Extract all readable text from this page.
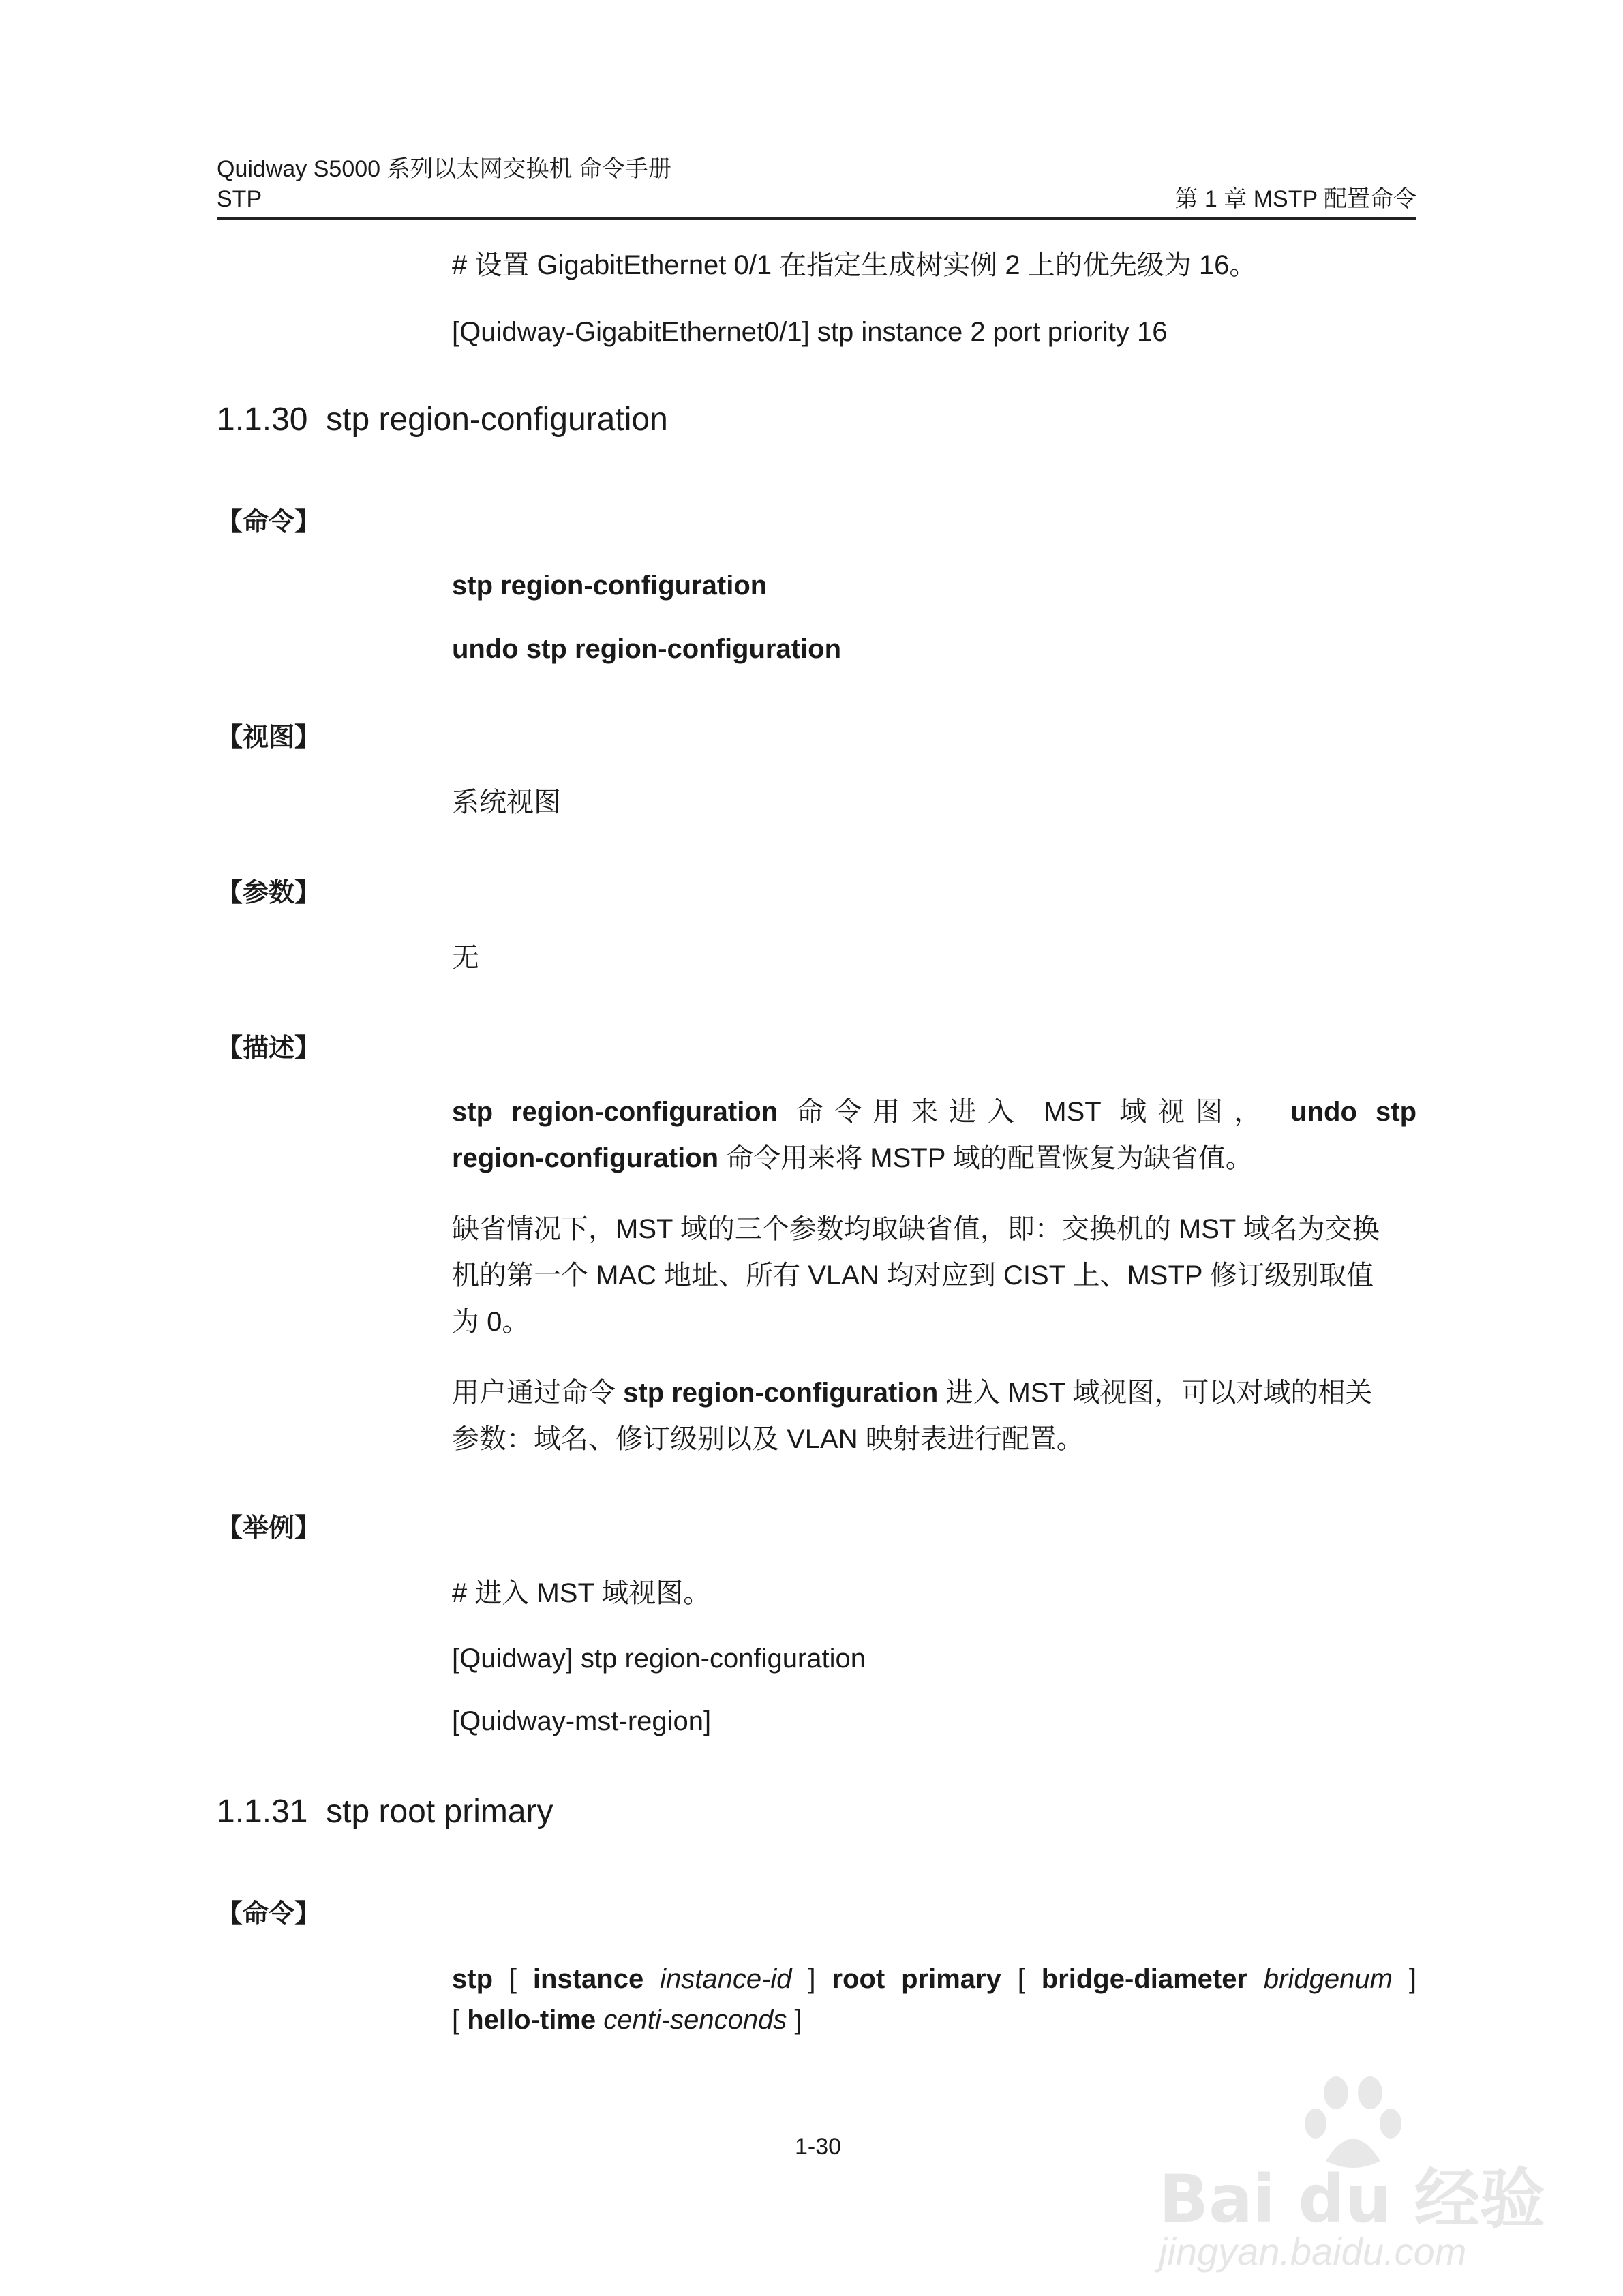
Quidway S5000 系列以太网交换机 命令手册
STP	第 1 章 MSTP 配置命令
# 设置 GigabitEthernet 0/1 在指定生成树实例 2 上的优先级为 16。
[Quidway-GigabitEthernet0/1] stp instance 2 port priority 16
1.1.30 stp region-configuration
【命令】
stp region-configuration
undo stp region-configuration
【视图】
系统视图
【参数】
无
【描述】
stp region-configuration 命令用来进入 MST 域视图， undo stp
region-configuration 命令用来将 MSTP 域的配置恢复为缺省值。
缺省情况下，MST 域的三个参数均取缺省值，即：交换机的 MST 域名为交换
机的第一个 MAC 地址、所有 VLAN 均对应到 CIST 上、MSTP 修订级别取值
为 0。
用户通过命令 stp region-configuration 进入 MST 域视图，可以对域的相关
参数：域名、修订级别以及 VLAN 映射表进行配置。
【举例】
# 进入 MST 域视图。
[Quidway] stp region-configuration
[Quidway-mst-region]
1.1.31 stp root primary
【命令】
stp [ instance instance-id ] root primary [ bridge-diameter bridgenum ]
[ hello-time centi-senconds ]
1-30
Bai du 经验
jingyan.baidu.com
